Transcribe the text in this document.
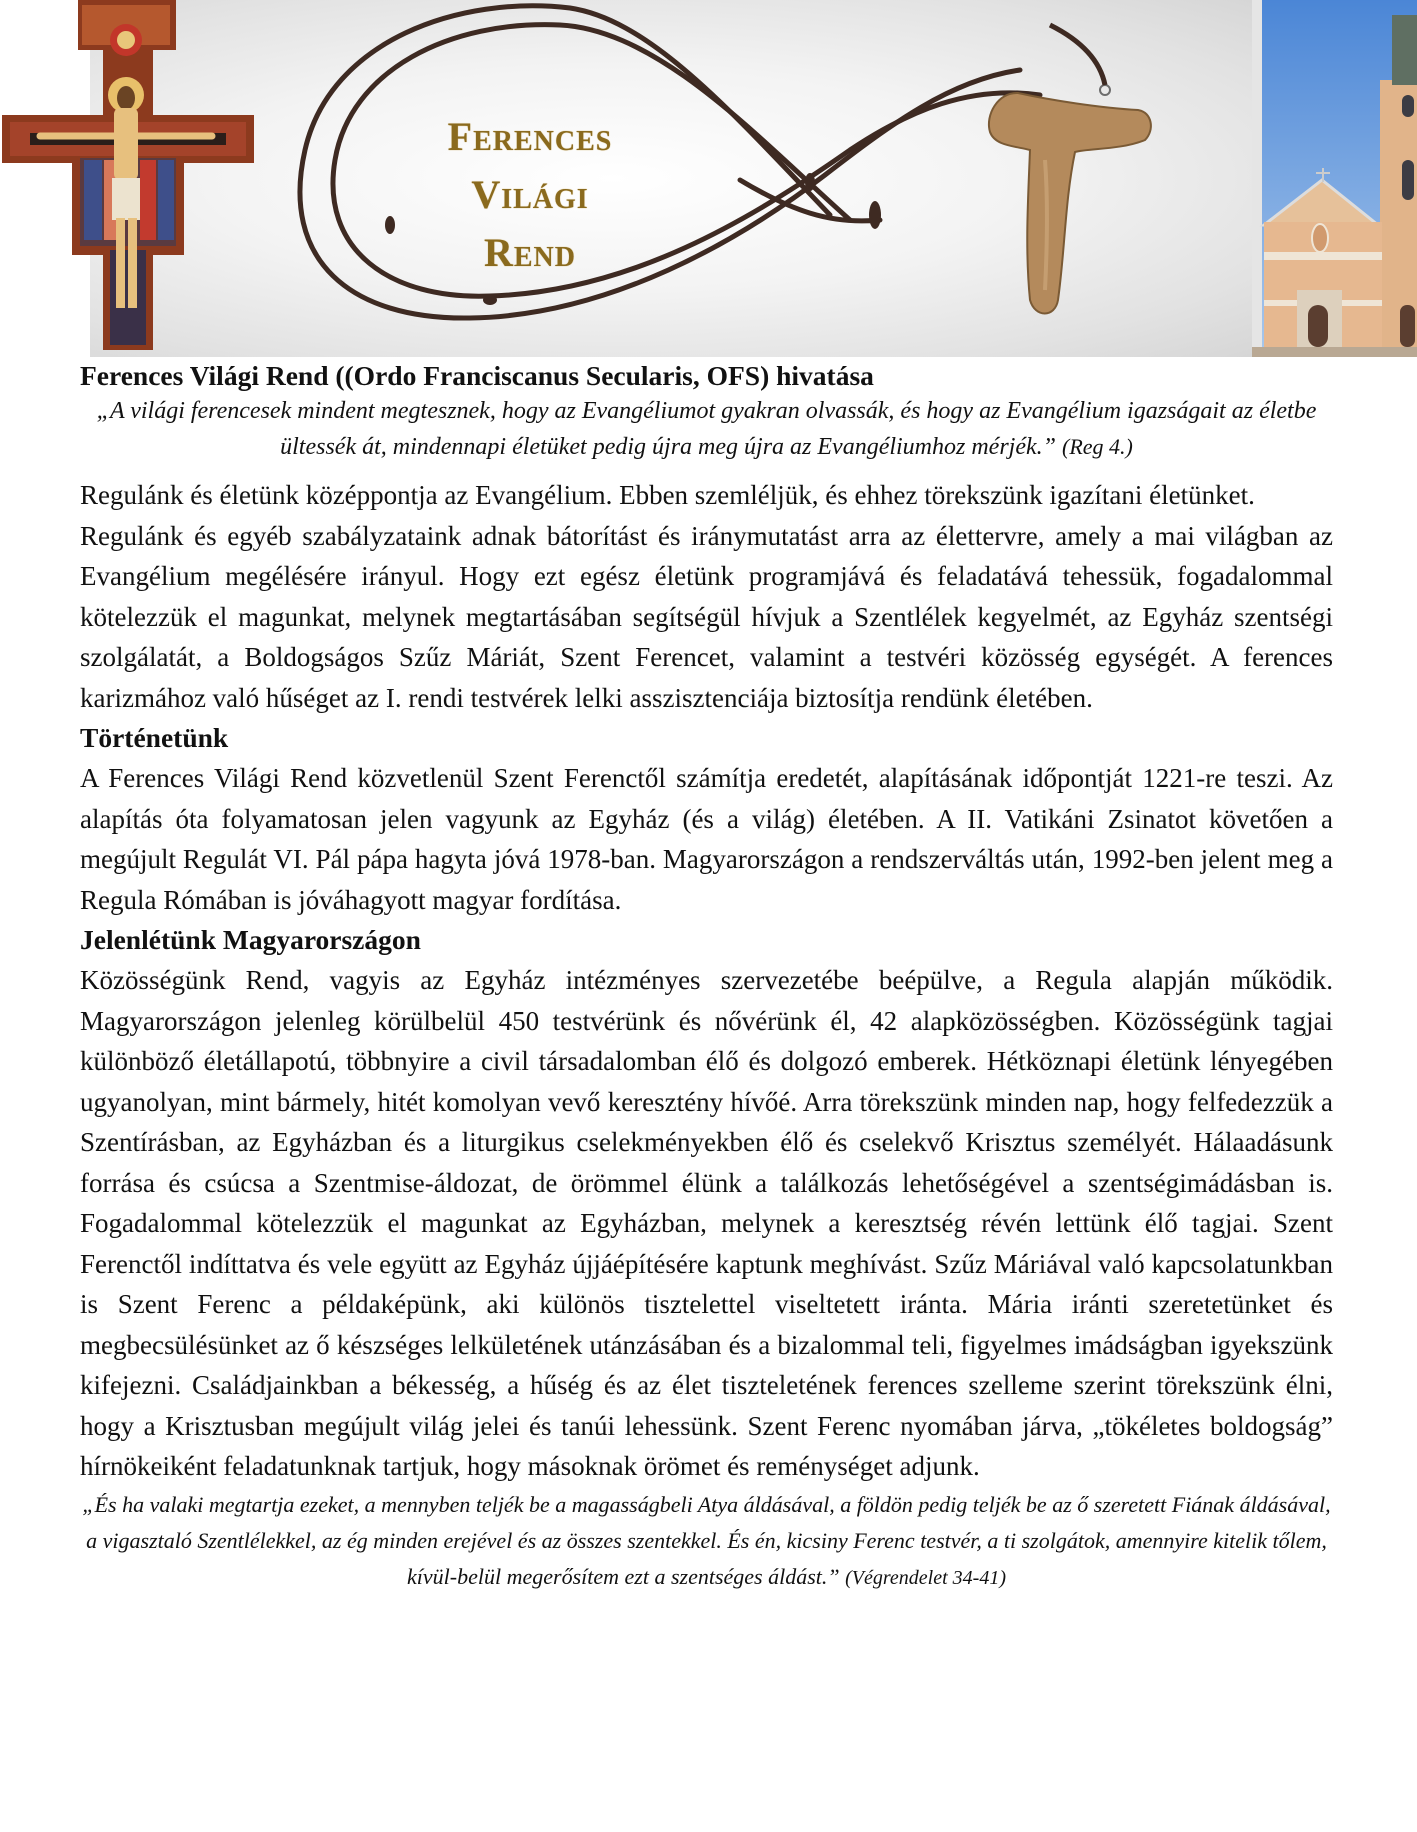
Ferences
Világi
Rend
Ferences Világi Rend ((Ordo Franciscanus Secularis, OFS) hivatása

„A világi ferencesek mindent megtesznek, hogy az Evangéliumot gyakran olvassák, és hogy az Evangélium igazságait az életbe ültessék át, mindennapi életüket pedig újra meg újra az Evangéliumhoz mérjék.” (Reg 4.)

Regulánk és életünk középpontja az Evangélium. Ebben szemléljük, és ehhez törekszünk igazítani életünket.

Regulánk és egyéb szabályzataink adnak bátorítást és iránymutatást arra az élettervre, amely a mai világban az Evangélium megélésére irányul. Hogy ezt egész életünk programjává és feladatává tehessük, fogadalommal kötelezzük el magunkat, melynek megtartásában segítségül hívjuk a Szentlélek kegyelmét, az Egyház szentségi szolgálatát, a Boldogságos Szűz Máriát, Szent Ferencet, valamint a testvéri közösség egységét. A ferences karizmához való hűséget az I. rendi testvérek lelki asszisztenciája biztosítja rendünk életében.

Történetünk

A Ferences Világi Rend közvetlenül Szent Ferenctől számítja eredetét, alapításának időpontját 1221-re teszi. Az alapítás óta folyamatosan jelen vagyunk az Egyház (és a világ) életében. A II. Vatikáni Zsinatot követően a megújult Regulát VI. Pál pápa hagyta jóvá 1978-ban. Magyarországon a rendszerváltás után, 1992-ben jelent meg a Regula Rómában is jóváhagyott magyar fordítása.

Jelenlétünk Magyarországon

Közösségünk Rend, vagyis az Egyház intézményes szervezetébe beépülve, a Regula alapján működik. Magyarországon jelenleg körülbelül 450 testvérünk és nővérünk él, 42 alapközösségben. Közösségünk tagjai különböző életállapotú, többnyire a civil társadalomban élő és dolgozó emberek. Hétköznapi életünk lényegében ugyanolyan, mint bármely, hitét komolyan vevő keresztény hívőé. Arra törekszünk minden nap, hogy felfedezzük a Szentírásban, az Egyházban és a liturgikus cselekményekben élő és cselekvő Krisztus személyét. Hálaadásunk forrása és csúcsa a Szentmise-áldozat, de örömmel élünk a találkozás lehetőségével a szentségimádásban is. Fogadalommal kötelezzük el magunkat az Egyházban, melynek a keresztség révén lettünk élő tagjai. Szent Ferenctől indíttatva és vele együtt az Egyház újjáépítésére kaptunk meghívást. Szűz Máriával való kapcsolatunkban is Szent Ferenc a példaképünk, aki különös tisztelettel viseltetett iránta. Mária iránti szeretetünket és megbecsülésünket az ő készséges lelkületének utánzásában és a bizalommal teli, figyelmes imádságban igyekszünk kifejezni. Családjainkban a békesség, a hűség és az élet tiszteletének ferences szelleme szerint törekszünk élni, hogy a Krisztusban megújult világ jelei és tanúi lehessünk. Szent Ferenc nyomában járva, „tökéletes boldogság” hírnökeiként feladatunknak tartjuk, hogy másoknak örömet és reménységet adjunk.

„És ha valaki megtartja ezeket, a mennyben teljék be a magasságbeli Atya áldásával, a földön pedig teljék be az ő szeretett Fiának áldásával, a vigasztaló Szentlélekkel, az ég minden erejével és az összes szentekkel. És én, kicsiny Ferenc testvér, a ti szolgátok, amennyire kitelik tőlem, kívül-belül megerősítem ezt a szentséges áldást.” (Végrendelet 34-41)
